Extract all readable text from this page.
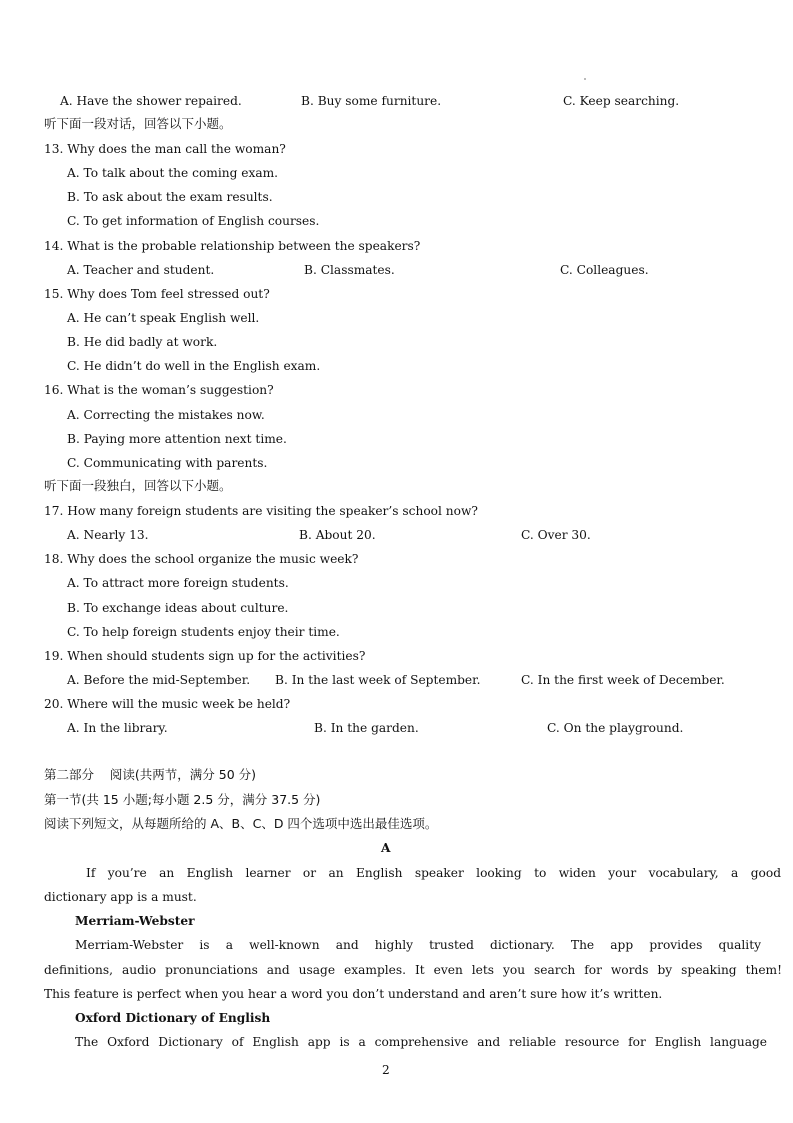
A. Have the shower repaired.	B. Buy some furniture.	C. Keep searching.
听下面一段对话，回答以下小题。
13. Why does the man call the woman?
A. To talk about the coming exam.
B. To ask about the exam results.
C. To get information of English courses.
14. What is the probable relationship between the speakers?
A. Teacher and student.	B. Classmates.	C. Colleagues.
15. Why does Tom feel stressed out?
A. He can’t speak English well.
B. He did badly at work.
C. He didn’t do well in the English exam.
16. What is the woman’s suggestion?
A. Correcting the mistakes now.
B. Paying more attention next time.
C. Communicating with parents.
听下面一段独白，回答以下小题。
17. How many foreign students are visiting the speaker’s school now?
A. Nearly 13.	B. About 20.	C. Over 30.
18. Why does the school organize the music week?
A. To attract more foreign students.
B. To exchange ideas about culture.
C. To help foreign students enjoy their time.
19. When should students sign up for the activities?
A. Before the mid-September. B. In the last week of September.	C. In the first week of December.
20. Where will the music week be held?
A. In the library.	B. In the garden.	C. On the playground.
第二部分    阅读(共两节，满分 50 分)
第一节(共 15 小题;每小题 2.5 分，满分 37.5 分)
阅读下列短文，从每题所给的 A、B、C、D 四个选项中选出最佳选项。
A
If you’re an English learner or an English speaker looking to widen your vocabulary, a good
dictionary app is a must.
Merriam-Webster
Merriam-Webster is a well-known and highly trusted dictionary. The app provides quality
definitions, audio pronunciations and usage examples. It even lets you search for words by speaking them!
This feature is perfect when you hear a word you don’t understand and aren’t sure how it’s written.
Oxford Dictionary of English
The Oxford Dictionary of English app is a comprehensive and reliable resource for English language
2
